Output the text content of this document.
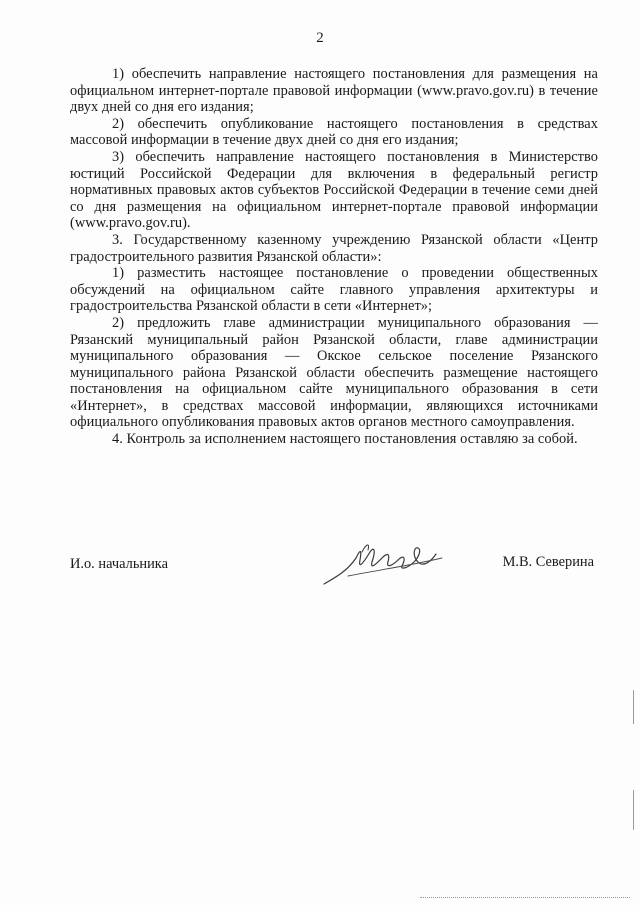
2

1) обеспечить направление настоящего постановления для размещения на официальном интернет-портале правовой информации (www.pravo.gov.ru) в течение двух дней со дня его издания;

2) обеспечить опубликование настоящего постановления в средствах массовой информации в течение двух дней со дня его издания;

3) обеспечить направление настоящего постановления в Министерство юстиций Российской Федерации для включения в федеральный регистр нормативных правовых актов субъектов Российской Федерации в течение семи дней со дня размещения на официальном интернет-портале правовой информации (www.pravo.gov.ru).

3. Государственному казенному учреждению Рязанской области «Центр градостроительного развития Рязанской области»:

1) разместить настоящее постановление о проведении общественных обсуждений на официальном сайте главного управления архитектуры и градостроительства Рязанской области в сети «Интернет»;

2) предложить главе администрации муниципального образования — Рязанский муниципальный район Рязанской области, главе администрации муниципального образования — Окское сельское поселение Рязанского муниципального района Рязанской области обеспечить размещение настоящего постановления на официальном сайте муниципального образования в сети «Интернет», в средствах массовой информации, являющихся источниками официального опубликования правовых актов органов местного самоуправления.

4. Контроль за исполнением настоящего постановления оставляю за собой.

И.о. начальника	М.В. Северина
